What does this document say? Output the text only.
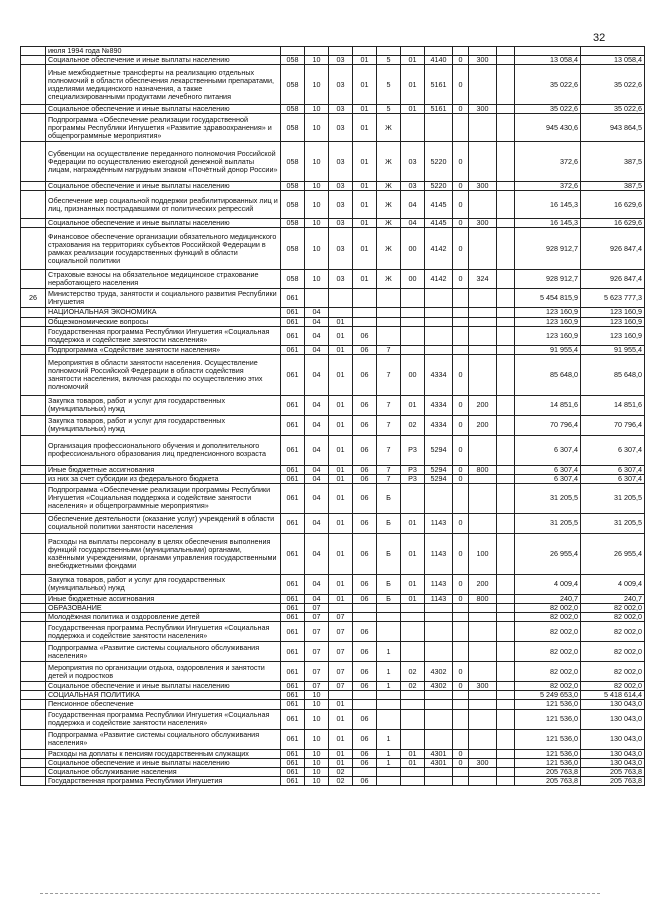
32
	июля 1994 года №890												
	Социальное обеспечение и иные выплаты населению	058	10	03	01	5	01	4140	0	300		13 058,4	13 058,4
	Иные межбюджетные трансферты на реализацию отдельных полномочий в области обеспечения лекарственными препаратами, изделиями медицинского назначения, а также специализированными продуктами лечебного питания	058	10	03	01	5	01	5161	0			35 022,6	35 022,6
	Социальное обеспечение и иные выплаты населению	058	10	03	01	5	01	5161	0	300		35 022,6	35 022,6
	Подпрограмма «Обеспечение реализации государственной программы Республики Ингушетия «Развитие здравоохранения» и общепрограммные мероприятия»	058	10	03	01	Ж						945 430,6	943 864,5
	Субвенции на осуществление переданного полномочия Российской Федерации по осуществлению ежегодной денежной выплаты лицам, награждённым нагрудным знаком «Почётный донор России»	058	10	03	01	Ж	03	5220	0			372,6	387,5
	Социальное обеспечение и иные выплаты населению	058	10	03	01	Ж	03	5220	0	300		372,6	387,5
	Обеспечение мер социальной поддержки реабилитированных лиц и лиц, признанных пострадавшими от политических репрессий	058	10	03	01	Ж	04	4145	0			16 145,3	16 629,6
	Социальное обеспечение и иные выплаты населению	058	10	03	01	Ж	04	4145	0	300		16 145,3	16 629,6
	Финансовое обеспечение организации обязательного медицинского страхования на территориях субъектов Российской Федерации в рамках реализации государственных функций в области социальной политики	058	10	03	01	Ж	00	4142	0			928 912,7	926 847,4
	Страховые взносы на обязательное медицинское страхование неработающего населения	058	10	03	01	Ж	00	4142	0	324		928 912,7	926 847,4
26	Министерство труда, занятости и социального развития Республики Ингушетия	061										5 454 815,9	5 623 777,3
	НАЦИОНАЛЬНАЯ ЭКОНОМИКА	061	04									123 160,9	123 160,9
	Общеэкономические вопросы	061	04	01								123 160,9	123 160,9
	Государственная программа Республики Ингушетия «Социальная поддержка и содействие занятости населения»	061	04	01	06							123 160,9	123 160,9
	Подпрограмма «Содействие занятости населения»	061	04	01	06	7						91 955,4	91 955,4
	Мероприятия в области занятости населения. Осуществление полномочий Российской Федерации в области содействия занятости населения, включая расходы по осуществлению этих полномочий	061	04	01	06	7	00	4334	0			85 648,0	85 648,0
	Закупка товаров, работ и услуг для государственных (муниципальных) нужд	061	04	01	06	7	01	4334	0	200		14 851,6	14 851,6
	Закупка товаров, работ и услуг для государственных (муниципальных) нужд	061	04	01	06	7	02	4334	0	200		70 796,4	70 796,4
	Организация профессионального обучения и дополнительного профессионального образования лиц предпенсионного возраста	061	04	01	06	7	Р3	5294	0			6 307,4	6 307,4
	Иные бюджетные ассигнования	061	04	01	06	7	Р3	5294	0	800		6 307,4	6 307,4
	из них за счет субсидии из федерального бюджета	061	04	01	06	7	Р3	5294	0			6 307,4	6 307,4
	Подпрограмма «Обеспечение реализации программы Республики Ингушетия «Социальная поддержка и содействие занятости населения» и общепрограммные мероприятия»	061	04	01	06	Б						31 205,5	31 205,5
	Обеспечение деятельности (оказание услуг) учреждений в области социальной политики занятости населения	061	04	01	06	Б	01	1143	0			31 205,5	31 205,5
	Расходы на выплаты персоналу в целях обеспечения выполнения функций государственными (муниципальными) органами, казёнными учреждениями, органами управления государственными внебюджетными фондами	061	04	01	06	Б	01	1143	0	100		26 955,4	26 955,4
	Закупка товаров, работ и услуг для государственных (муниципальных) нужд	061	04	01	06	Б	01	1143	0	200		4 009,4	4 009,4
	Иные бюджетные ассигнования	061	04	01	06	Б	01	1143	0	800		240,7	240,7
	ОБРАЗОВАНИЕ	061	07									82 002,0	82 002,0
	Молодёжная политика и оздоровление детей	061	07	07								82 002,0	82 002,0
	Государственная программа Республики Ингушетия «Социальная поддержка и содействие занятости населения»	061	07	07	06							82 002,0	82 002,0
	Подпрограмма «Развитие системы социального обслуживания населения»	061	07	07	06	1						82 002,0	82 002,0
	Мероприятия по организации отдыха, оздоровления и занятости детей и подростков	061	07	07	06	1	02	4302	0			82 002,0	82 002,0
	Социальное обеспечение и иные выплаты населению	061	07	07	06	1	02	4302	0	300		82 002,0	82 002,0
	СОЦИАЛЬНАЯ ПОЛИТИКА	061	10									5 249 653,0	5 418 614,4
	Пенсионное обеспечение	061	10	01								121 536,0	130 043,0
	Государственная программа Республики Ингушетия «Социальная поддержка и содействие занятости населения»	061	10	01	06							121 536,0	130 043,0
	Подпрограмма «Развитие системы социального обслуживания населения»	061	10	01	06	1						121 536,0	130 043,0
	Расходы на доплаты к пенсиям государственным служащих	061	10	01	06	1	01	4301	0			121 536,0	130 043,0
	Социальное обеспечение и иные выплаты населению	061	10	01	06	1	01	4301	0	300		121 536,0	130 043,0
	Социальное обслуживание населения	061	10	02								205 763,8	205 763,8
	Государственная программа Республики Ингушетия	061	10	02	06							205 763,8	205 763,8
